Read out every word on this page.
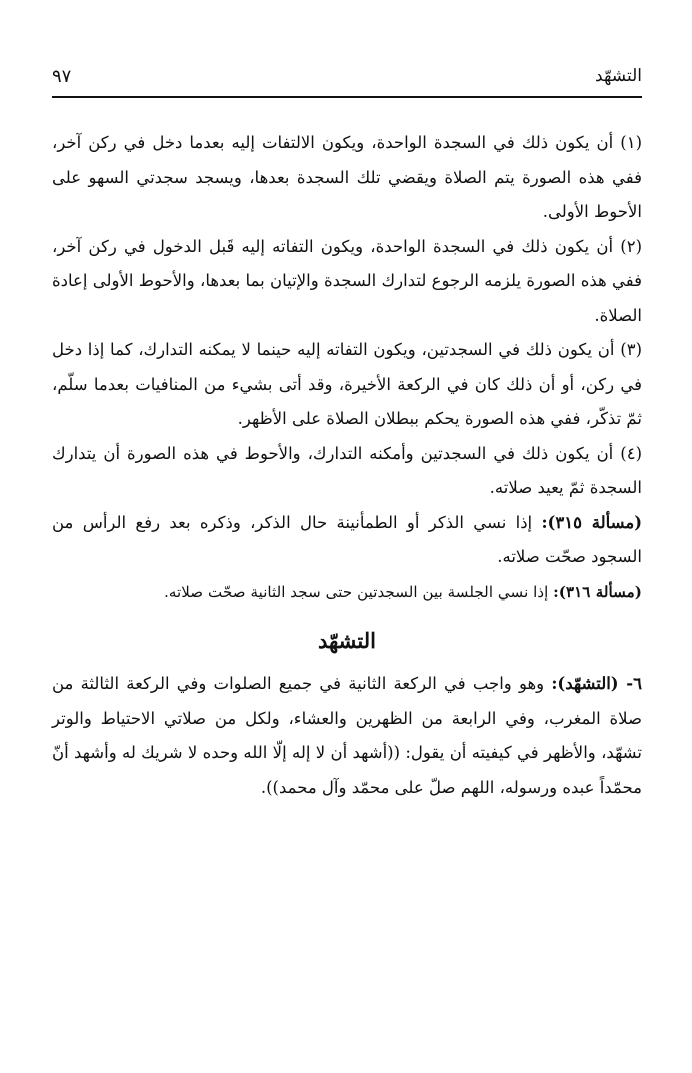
التشهّد
٩٧

(١) أن يكون ذلك في السجدة الواحدة، ويكون الالتفات إليه بعدما دخل في ركن آخر، ففي هذه الصورة يتم الصلاة ويقضي تلك السجدة بعدها، ويسجد سجدتي السهو على الأحوط الأولى.

(٢) أن يكون ذلك في السجدة الواحدة، ويكون التفاته إليه قَبل الدخول في ركن آخر، ففي هذه الصورة يلزمه الرجوع لتدارك السجدة والإتيان بما بعدها، والأحوط الأولى إعادة الصلاة.

(٣) أن يكون ذلك في السجدتين، ويكون التفاته إليه حينما لا يمكنه التدارك، كما إذا دخل في ركن، أو أن ذلك كان في الركعة الأخيرة، وقد أتى بشيء من المنافيات بعدما سلّم، ثمّ تذكّر، ففي هذه الصورة يحكم ببطلان الصلاة على الأظهر.

(٤) أن يكون ذلك في السجدتين وأمكنه التدارك، والأحوط في هذه الصورة أن يتدارك السجدة ثمّ يعيد صلاته.

(مسألة ٣١٥): إذا نسي الذكر أو الطمأنينة حال الذكر، وذكره بعد رفع الرأس من السجود صحّت صلاته.

(مسألة ٣١٦): إذا نسي الجلسة بين السجدتين حتى سجد الثانية صحّت صلاته.

التشهّد

٦- (التشهّد): وهو واجب في الركعة الثانية في جميع الصلوات وفي الركعة الثالثة من صلاة المغرب، وفي الرابعة من الظهرين والعشاء، ولكل من صلاتي الاحتياط والوتر تشهّد، والأظهر في كيفيته أن يقول: ((أشهد أن لا إله إلّا الله وحده لا شريك له وأشهد أنّ محمّداً عبده ورسوله، اللهم صلّ على محمّد وآل محمد)).
